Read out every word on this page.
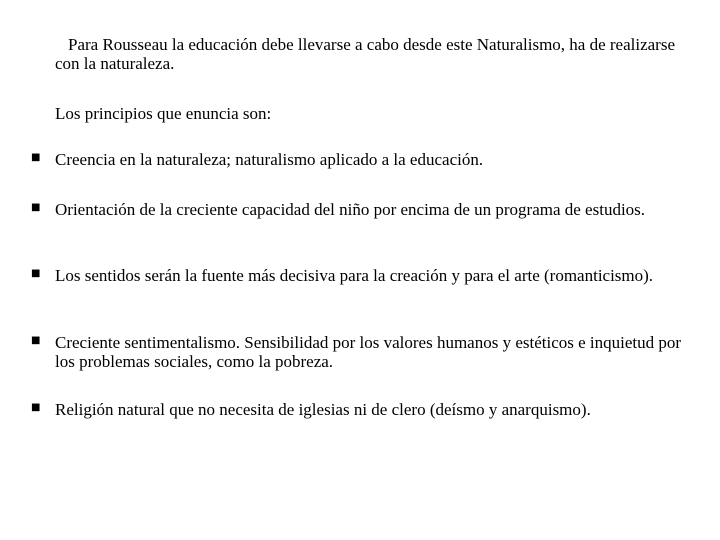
Para Rousseau la educación debe llevarse a cabo desde este Naturalismo, ha de realizarse con la naturaleza.

Los principios que enuncia son:

■ Creencia en la naturaleza; naturalismo aplicado a la educación.

■ Orientación de la creciente capacidad del niño por encima de un programa de estudios.

■ Los sentidos serán la fuente más decisiva para la creación y para el arte (romanticismo).

■ Creciente sentimentalismo. Sensibilidad por los valores humanos y estéticos e inquietud por los problemas sociales, como la pobreza.

■ Religión natural que no necesita de iglesias ni de clero (deísmo y anarquismo).
